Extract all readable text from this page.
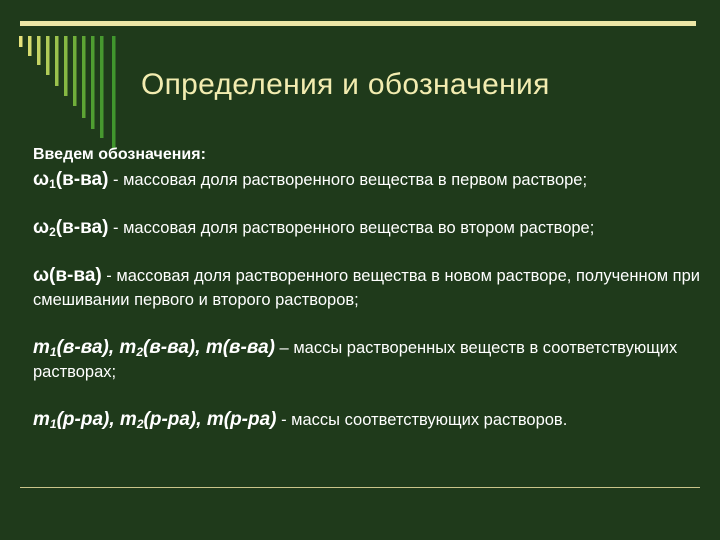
Определения и обозначения
Введем обозначения:
$\omega_1(в-ва)$ - массовая доля растворенного вещества в первом растворе;
$\omega_2(в-ва)$ - массовая доля растворенного вещества во втором растворе;
ω(в-ва) - массовая доля растворенного вещества в новом растворе, полученном при смешивании первого и второго растворов;
$m_1(в-ва)$, $m_2(в-ва)$, m(в-ва) – массы растворенных веществ в соответствующих растворах;
$m_1(р-ра)$, $m_2(р-ра)$, m(р-ра) - массы соответствующих растворов.
